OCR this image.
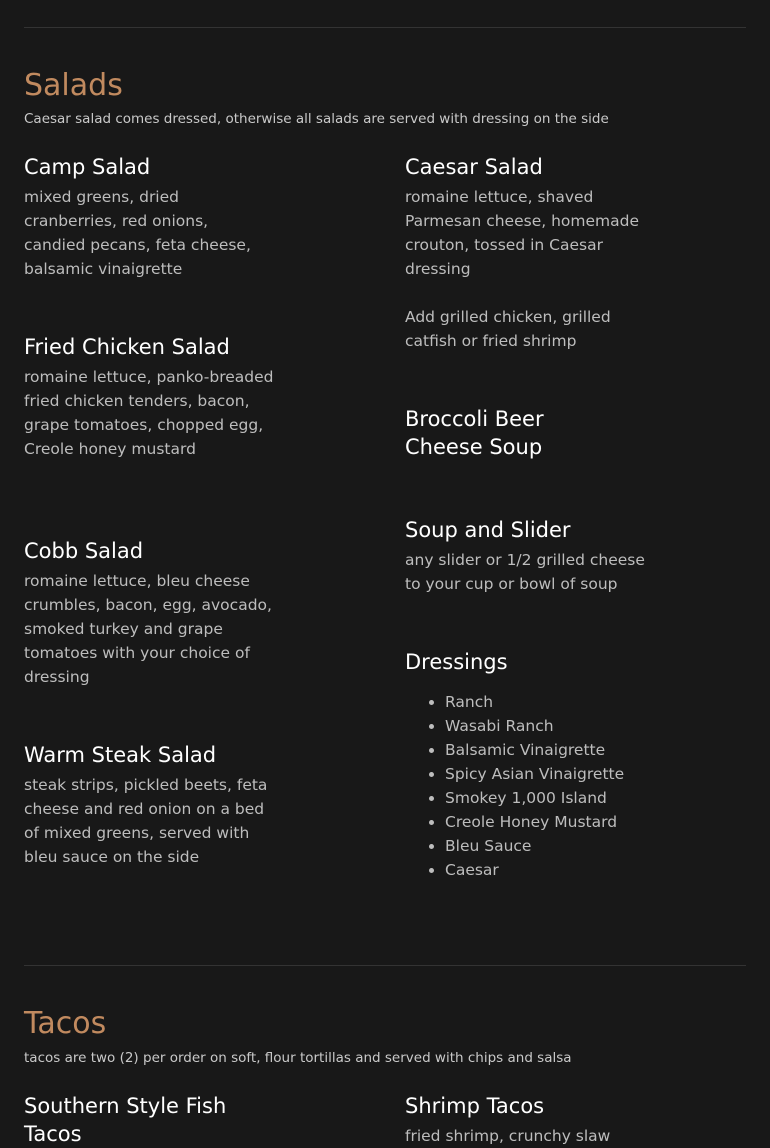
Salads

Caesar salad comes dressed, otherwise all salads are served with dressing on the side

Camp Salad

mixed greens, dried cranberries, red onions, candied pecans, feta cheese, balsamic vinaigrette

Fried Chicken Salad

romaine lettuce, panko-breaded fried chicken tenders, bacon, grape tomatoes, chopped egg, Creole honey mustard

Cobb Salad

romaine lettuce, bleu cheese crumbles, bacon, egg, avocado, smoked turkey and grape tomatoes with your choice of dressing

Warm Steak Salad

steak strips, pickled beets, feta cheese and red onion on a bed of mixed greens, served with bleu sauce on the side

Caesar Salad

romaine lettuce, shaved Parmesan cheese, homemade crouton, tossed in Caesar dressing

Add grilled chicken, grilled catfish or fried shrimp

Broccoli Beer Cheese Soup
Soup and Slider

any slider or 1/2 grilled cheese to your cup or bowl of soup

Dressings
• Ranch
• Wasabi Ranch
• Balsamic Vinaigrette
• Spicy Asian Vinaigrette
• Smokey 1,000 Island
• Creole Honey Mustard
• Bleu Sauce
• Caesar
Tacos

tacos are two (2) per order on soft, flour tortillas and served with chips and salsa

Southern Style Fish Tacos
Shrimp Tacos

fried shrimp, crunchy slaw
